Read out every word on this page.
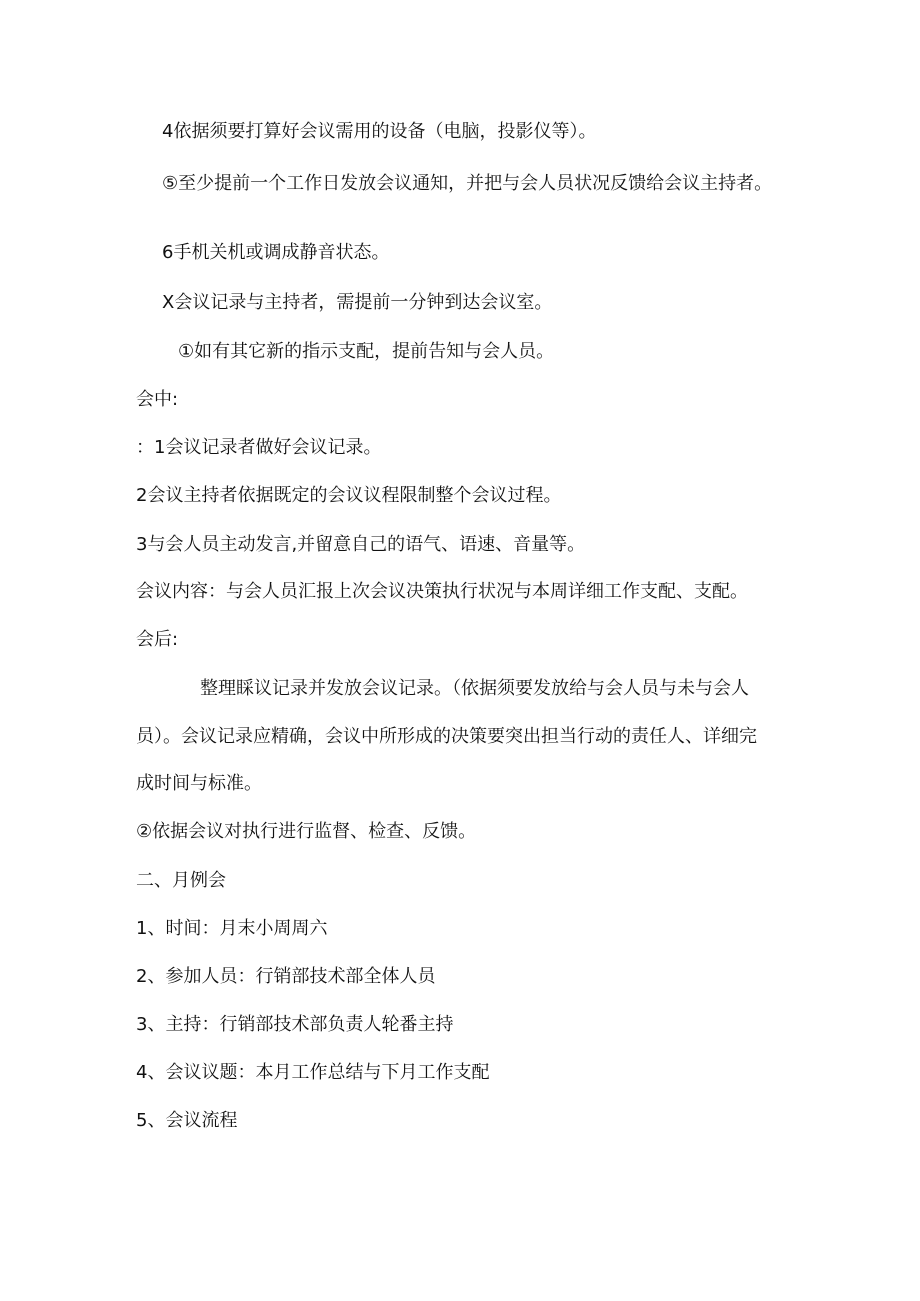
4依据须要打算好会议需用的设备（电脑，投影仪等）。
⑤至少提前一个工作日发放会议通知，并把与会人员状况反馈给会议主持者。
6手机关机或调成静音状态。
X会议记录与主持者，需提前一分钟到达会议室。
①如有其它新的指示支配，提前告知与会人员。
会中:
：1会议记录者做好会议记录。
2会议主持者依据既定的会议议程限制整个会议过程。
3与会人员主动发言,并留意自己的语气、语速、音量等。
会议内容：与会人员汇报上次会议决策执行状况与本周详细工作支配、支配。
会后:
整理睬议记录并发放会议记录。（依据须要发放给与会人员与未与会人
员）。会议记录应精确，会议中所形成的决策要突出担当行动的责任人、详细完
成时间与标准。
②依据会议对执行进行监督、检查、反馈。
二、月例会
1、时间：月末小周周六
2、参加人员：行销部技术部全体人员
3、主持：行销部技术部负责人轮番主持
4、会议议题：本月工作总结与下月工作支配
5、会议流程
